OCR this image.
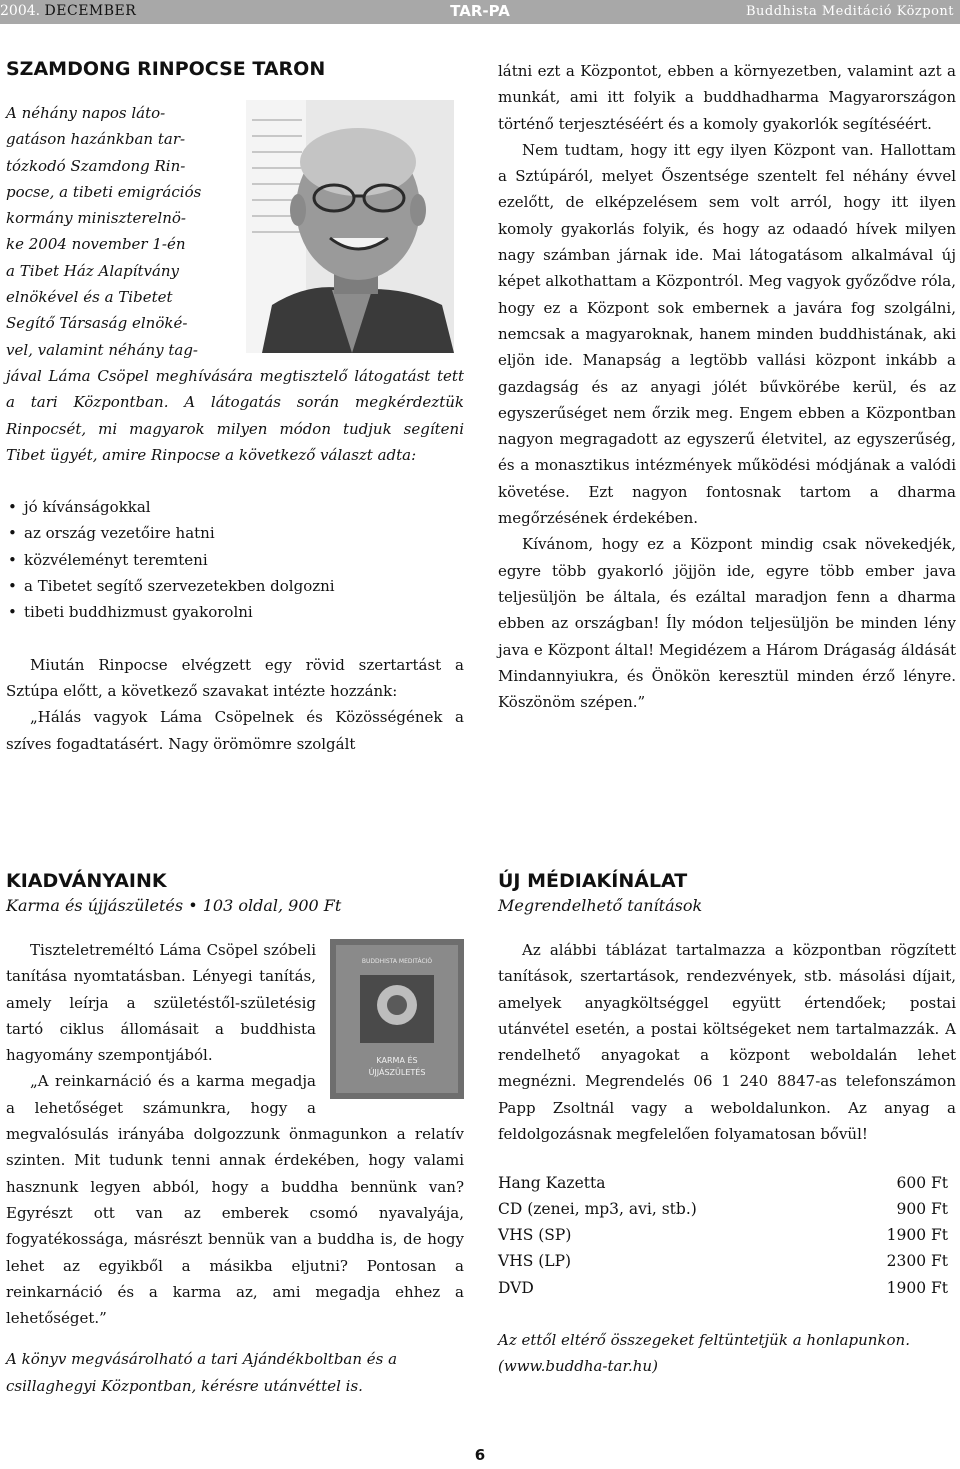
2004. DECEMBER	TAR-PA	Buddhista Meditáció Központ
SZAMDONG RINPOCSE TARON

A néhány napos láto-
gatáson hazánkban tar-
tózkodó Szamdong Rin-
pocse, a tibeti emigrációs
kormány miniszterelnö-
ke 2004 november 1-én
a Tibet Ház Alapítvány
elnökével és a Tibetet
Segítő Társaság elnöké-
vel, valamint néhány tag-

jával Láma Csöpel meghívására megtisztelő látogatást tett a tari Központban. A látogatás során megkérdeztük Rinpocsét, mi magyarok milyen módon tudjuk segíteni Tibet ügyét, amire Rinpocse a következő választ adta:

• jó kívánságokkal
• az ország vezetőire hatni
• közvéleményt teremteni
• a Tibetet segítő szervezetekben dolgozni
• tibeti buddhizmust gyakorolni

Miután Rinpocse elvégzett egy rövid szertartást a Sztúpa előtt, a következő szavakat intézte hozzánk:

„Hálás vagyok Láma Csöpelnek és Közösségének a szíves fogadtatásért. Nagy örömömre szolgált

látni ezt a Központot, ebben a környezetben, valamint azt a munkát, ami itt folyik a buddhadharma Magyarországon történő terjesztéséért és a komoly gyakorlók segítéséért.

Nem tudtam, hogy itt egy ilyen Központ van. Hallottam a Sztúpáról, melyet Őszentsége szentelt fel néhány évvel ezelőtt, de elképzelésem sem volt arról, hogy itt ilyen komoly gyakorlás folyik, és hogy az odaadó hívek milyen nagy számban járnak ide. Mai látogatásom alkalmával új képet alkothattam a Központról. Meg vagyok győződve róla, hogy ez a Központ sok embernek a javára fog szolgálni, nemcsak a magyaroknak, hanem minden buddhistának, aki eljön ide. Manapság a legtöbb vallási központ inkább a gazdagság és az anyagi jólét bűvkörébe kerül, és az egyszerűséget nem őrzik meg. Engem ebben a Központban nagyon megragadott az egyszerű életvitel, az egyszerűség, és a monasztikus intézmények működési módjának a valódi követése. Ezt nagyon fontosnak tartom a dharma megőrzésének érdekében.

Kívánom, hogy ez a Központ mindig csak növekedjék, egyre több gyakorló jöjjön ide, egyre több ember java teljesüljön be általa, és ezáltal maradjon fenn a dharma ebben az országban! Íly módon teljesüljön be minden lény java e Központ által! Megidézem a Három Drágaság áldását Mindannyiukra, és Önökön keresztül minden érző lényre. Köszönöm szépen.”

KIADVÁNYAINK
Karma és újjászületés • 103 oldal, 900 Ft
BUDDHISTA MEDITÁCIÓ
KARMA ÉS
ÚJJÁSZÜLETÉS

Tiszteletreméltó Láma Csöpel szóbeli tanítása nyomtatásban. Lényegi tanítás, amely leírja a születéstől-születésig tartó ciklus állomásait a buddhista hagyomány szempontjából.

„A reinkarnáció és a karma megadja a lehetőséget számunkra, hogy a megvalósulás irányába dolgozzunk önmagunkon a relatív szinten. Mit tudunk tenni annak érdekében, hogy valami hasznunk legyen abból, hogy a buddha bennünk van? Egyrészt ott van az emberek csomó nyavalyája, fogyatékossága, másrészt bennük van a buddha is, de hogy lehet az egyikből a másikba eljutni? Pontosan a reinkarnáció és a karma az, ami megadja ehhez a lehetőséget.”

A könyv megvásárolható a tari Ajándékboltban és a csillaghegyi Központban, kérésre utánvéttel is.

ÚJ MÉDIAKÍNÁLAT
Megrendelhető tanítások

Az alábbi táblázat tartalmazza a központban rögzített tanítások, szertartások, rendezvények, stb. másolási díjait, amelyek anyagköltséggel együtt értendőek; postai utánvétel esetén, a postai költségeket nem tartalmazzák. A rendelhető anyagokat a központ weboldalán lehet megnézni. Megrendelés 06 1 240 8847-as telefonszámon Papp Zsoltnál vagy a weboldalunkon. Az anyag a feldolgozásnak megfelelően folyamatosan bővül!

Hang Kazetta	600 Ft
CD (zenei, mp3, avi, stb.)	900 Ft
VHS (SP)	1900 Ft
VHS (LP)	2300 Ft
DVD	1900 Ft

Az ettől eltérő összegeket feltüntetjük a honlapunkon. (www.buddha-tar.hu)

6
